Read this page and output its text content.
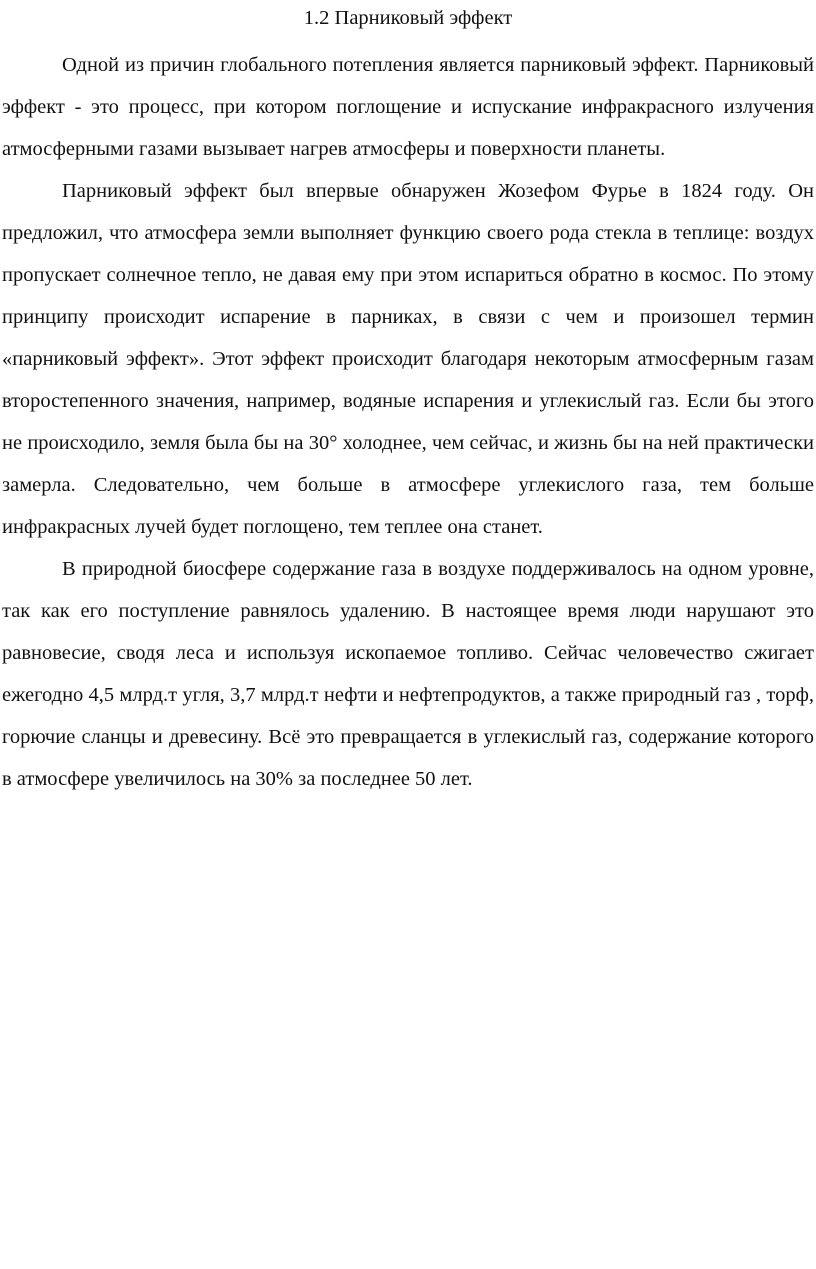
1.2 Парниковый эффект

Одной из причин глобального потепления является парниковый эффект. Парниковый эффект - это процесс, при котором поглощение и испускание инфракрасного излучения атмосферными газами вызывает нагрев атмосферы и поверхности планеты.

Парниковый эффект был впервые обнаружен Жозефом Фурье в 1824 году. Он предложил, что атмосфера земли выполняет функцию своего рода стекла в теплице: воздух пропускает солнечное тепло, не давая ему при этом испариться обратно в космос. По этому принципу происходит испарение в парниках, в связи с чем и произошел термин «парниковый эффект». Этот эффект происходит благодаря некоторым атмосферным газам второстепенного значения, например, водяные испарения и углекислый газ. Если бы этого не происходило, земля была бы на 30° холоднее, чем сейчас, и жизнь бы на ней практически замерла. Следовательно, чем больше в атмосфере углекислого газа, тем больше инфракрасных лучей будет поглощено, тем теплее она станет.

В природной биосфере содержание газа в воздухе поддерживалось на одном уровне, так как его поступление равнялось удалению. В настоящее время люди нарушают это равновесие, сводя леса и используя ископаемое топливо. Сейчас человечество сжигает ежегодно 4,5 млрд.т угля, 3,7 млрд.т нефти и нефтепродуктов, а также природный газ , торф, горючие сланцы и древесину. Всё это превращается в углекислый газ, содержание которого в атмосфере увеличилось на 30% за последнее 50 лет.
